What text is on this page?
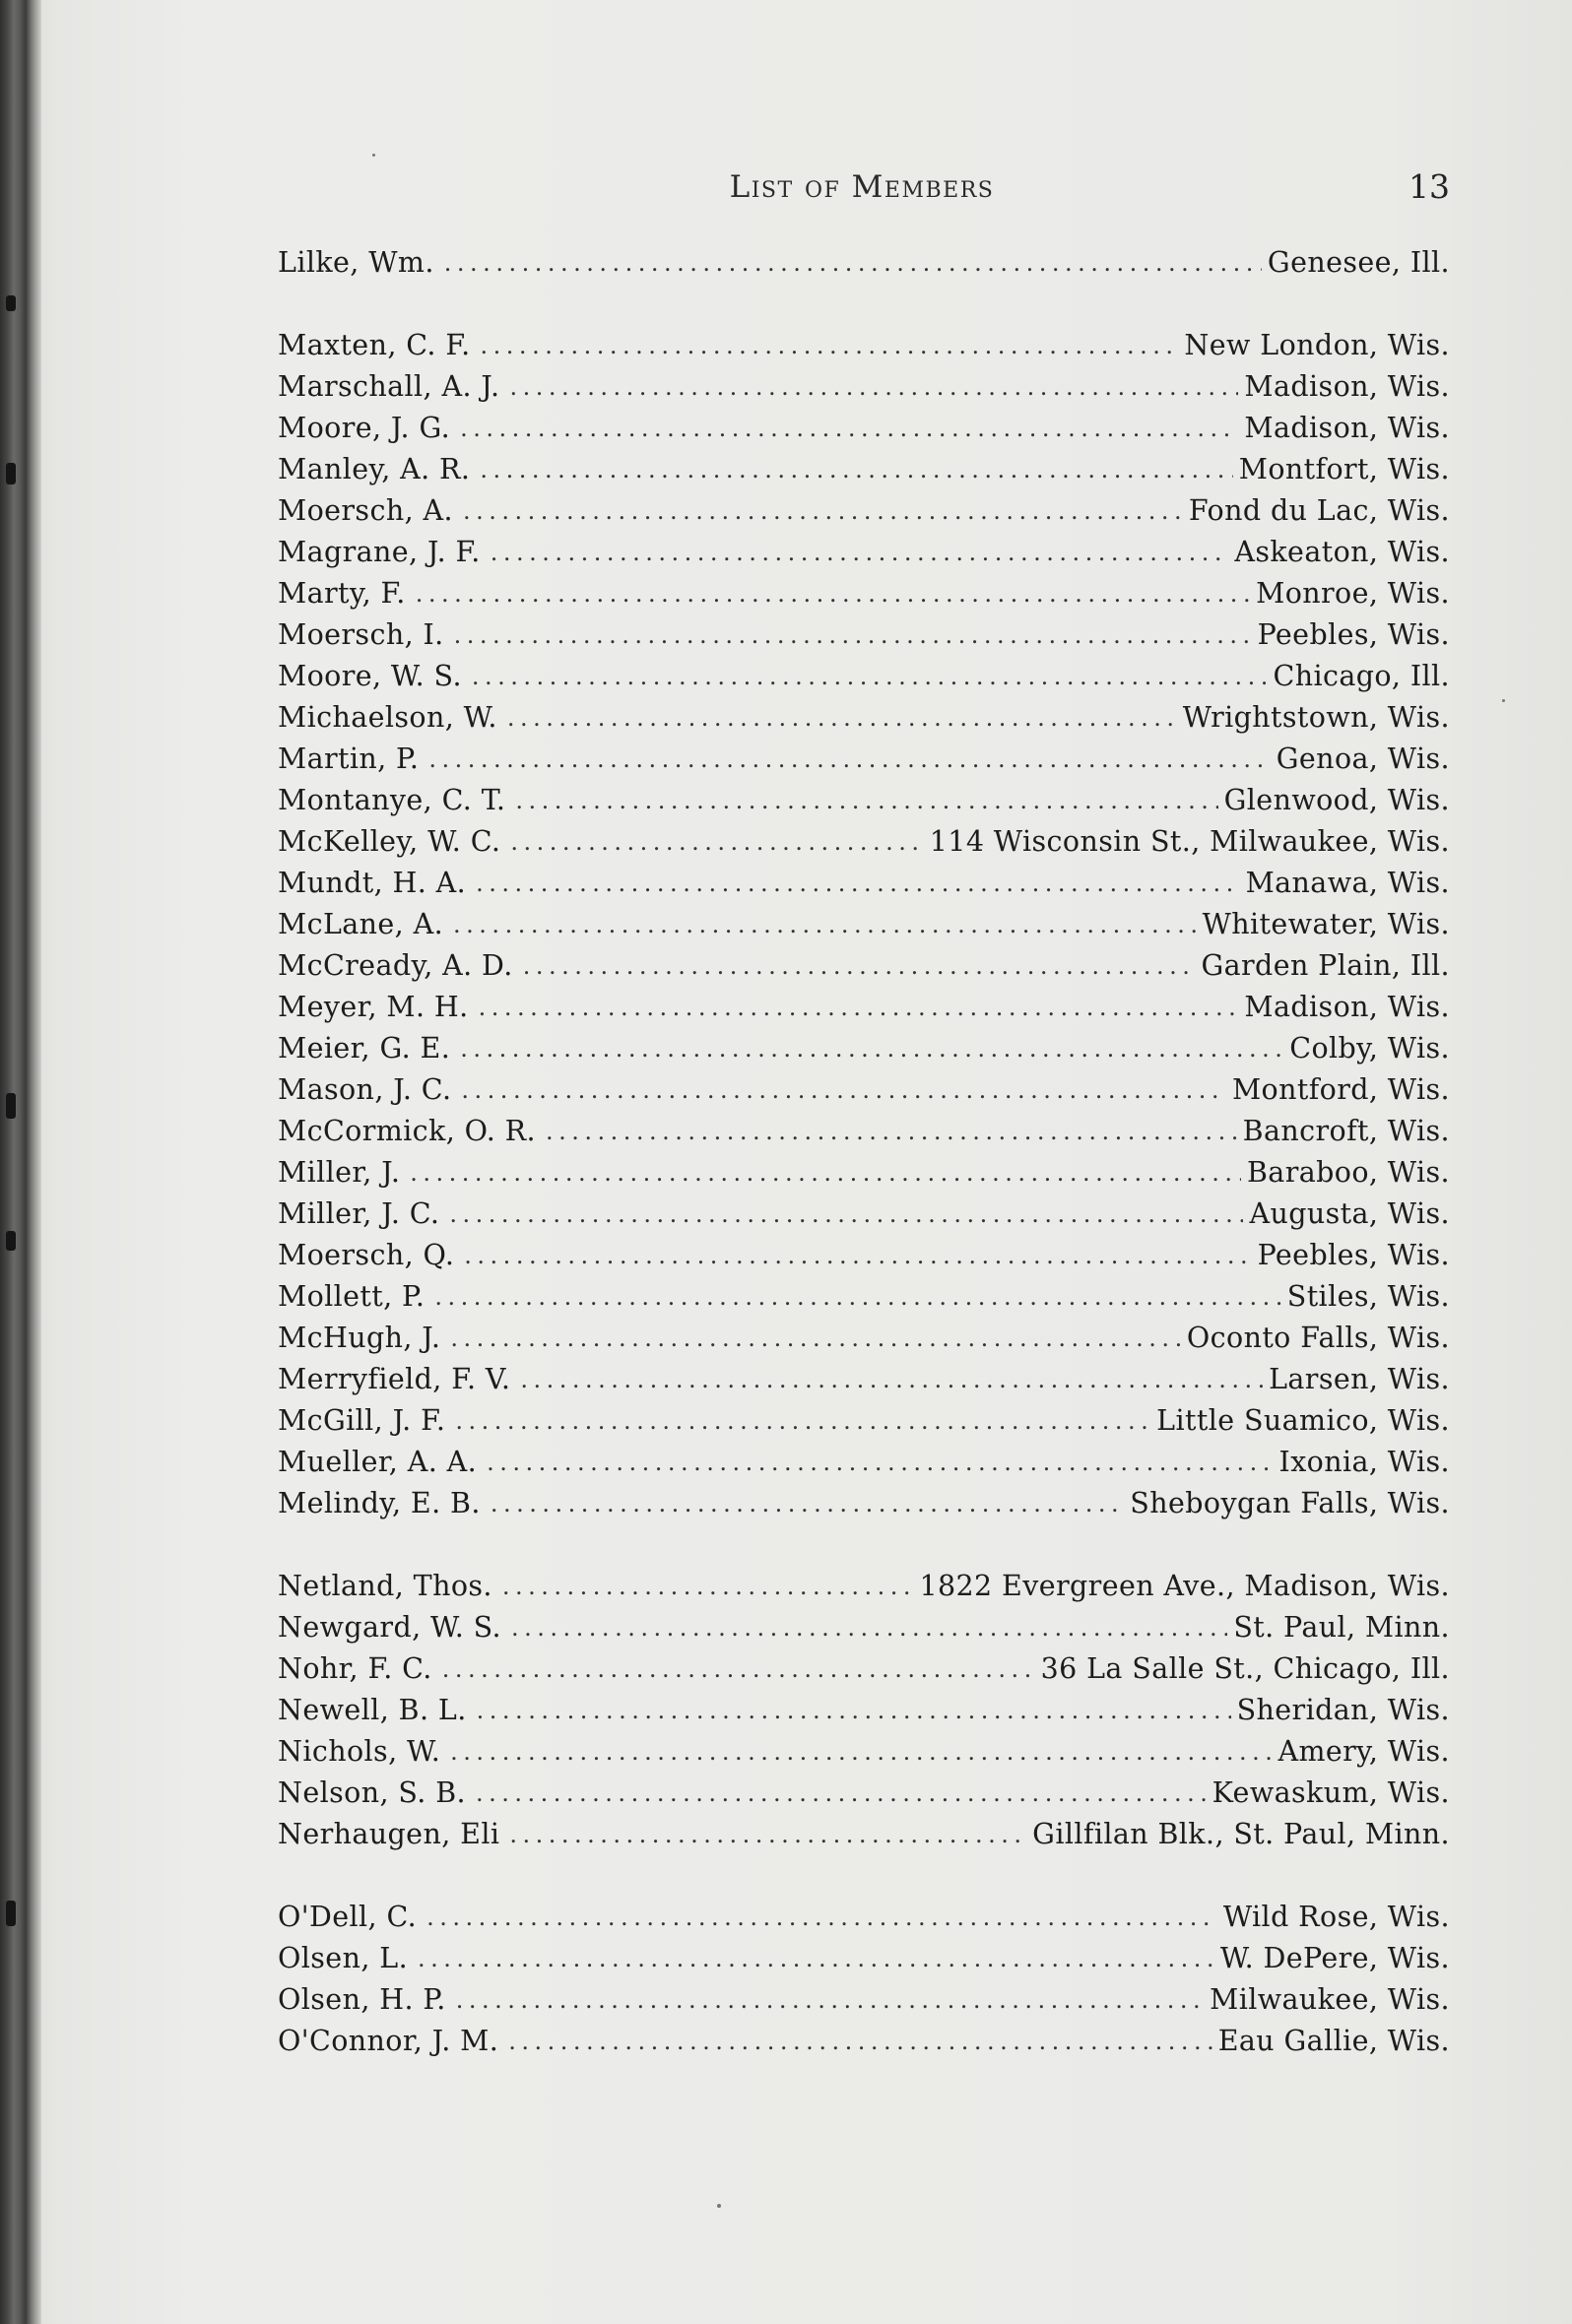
List of Members	13
Lilke, Wm. .....	Genesee, Ill.
Maxten, C. F. .....	New London, Wis.
Marschall, A. J. .....	Madison, Wis.
Moore, J. G. .....	Madison, Wis.
Manley, A. R. .....	Montfort, Wis.
Moersch, A. .....	Fond du Lac, Wis.
Magrane, J. F. .....	Askeaton, Wis.
Marty, F. .....	Monroe, Wis.
Moersch, I. .....	Peebles, Wis.
Moore, W. S. .....	Chicago, Ill.
Michaelson, W. .....	Wrightstown, Wis.
Martin, P. .....	Genoa, Wis.
Montanye, C. T. .....	Glenwood, Wis.
McKelley, W. C. .....	114 Wisconsin St., Milwaukee, Wis.
Mundt, H. A. .....	Manawa, Wis.
McLane, A. .....	Whitewater, Wis.
McCready, A. D. .....	Garden Plain, Ill.
Meyer, M. H. .....	Madison, Wis.
Meier, G. E. .....	Colby, Wis.
Mason, J. C. .....	Montford, Wis.
McCormick, O. R. .....	Bancroft, Wis.
Miller, J. .....	Baraboo, Wis.
Miller, J. C. .....	Augusta, Wis.
Moersch, Q. .....	Peebles, Wis.
Mollett, P. .....	Stiles, Wis.
McHugh, J. .....	Oconto Falls, Wis.
Merryfield, F. V. .....	Larsen, Wis.
McGill, J. F. .....	Little Suamico, Wis.
Mueller, A. A. .....	Ixonia, Wis.
Melindy, E. B. .....	Sheboygan Falls, Wis.
Netland, Thos. .....	1822 Evergreen Ave., Madison, Wis.
Newgard, W. S. .....	St. Paul, Minn.
Nohr, F. C. .....	36 La Salle St., Chicago, Ill.
Newell, B. L. .....	Sheridan, Wis.
Nichols, W. .....	Amery, Wis.
Nelson, S. B. .....	Kewaskum, Wis.
Nerhaugen, Eli .....	Gillfilan Blk., St. Paul, Minn.
O'Dell, C. .....	Wild Rose, Wis.
Olsen, L. .....	W. DePere, Wis.
Olsen, H. P. .....	Milwaukee, Wis.
O'Connor, J. M. .....	Eau Gallie, Wis.
